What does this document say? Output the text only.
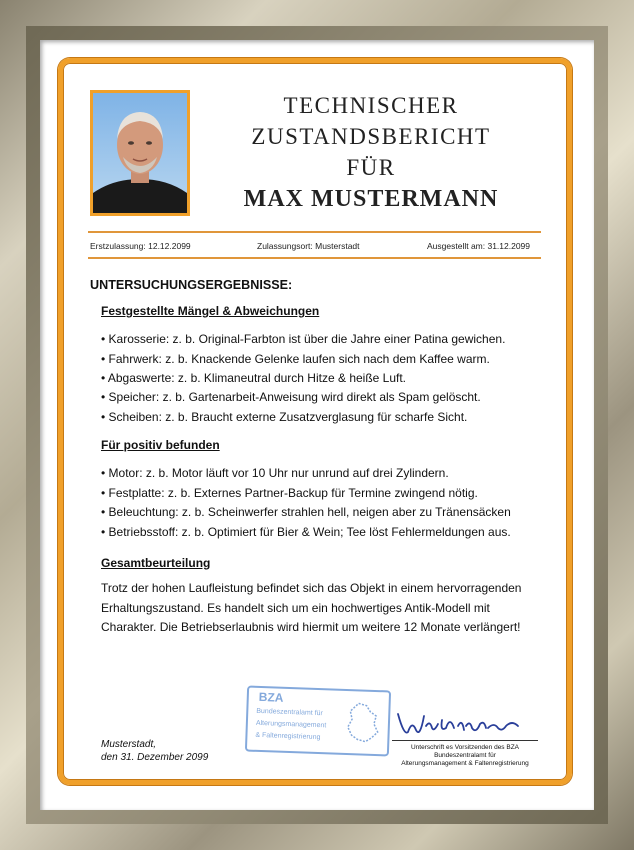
TECHNISCHER
ZUSTANDSBERICHT
FÜR
MAX MUSTERMANN
Erstzulassung: 12.12.2099	Zulassungsort: Musterstadt	Ausgestellt am: 31.12.2099
UNTERSUCHUNGSERGEBNISSE:
Festgestellte Mängel & Abweichungen
• Karosserie: z. b. Original-Farbton ist über die Jahre einer Patina gewichen.
• Fahrwerk: z. b. Knackende Gelenke laufen sich nach dem Kaffee warm.
• Abgaswerte: z. b. Klimaneutral durch Hitze & heiße Luft.
• Speicher: z. b. Gartenarbeit-Anweisung wird direkt als Spam gelöscht.
• Scheiben: z. b. Braucht externe Zusatzverglasung für scharfe Sicht.
Für positiv befunden
• Motor: z. b. Motor läuft vor 10 Uhr nur unrund auf drei Zylindern.
• Festplatte: z. b. Externes Partner-Backup für Termine zwingend nötig.
• Beleuchtung: z. b. Scheinwerfer strahlen hell, neigen aber zu Tränensäcken
• Betriebsstoff: z. b. Optimiert für Bier & Wein; Tee löst Fehlermeldungen aus.
Gesamtbeurteilung
Trotz der hohen Laufleistung befindet sich das Objekt in einem hervorragenden Erhaltungszustand. Es handelt sich um ein hochwertiges Antik-Modell mit Charakter. Die Betriebserlaubnis wird hiermit um weitere 12 Monate verlängert!
BZA
Bundeszentralamt für
Alterungsmanagement
& Faltenregistrierung
Unterschrift es Vorsitzenden des BZA
Bundeszentralamt für
Alterungsmanagement & Faltenregistrierung
Musterstadt,
den 31. Dezember 2099
